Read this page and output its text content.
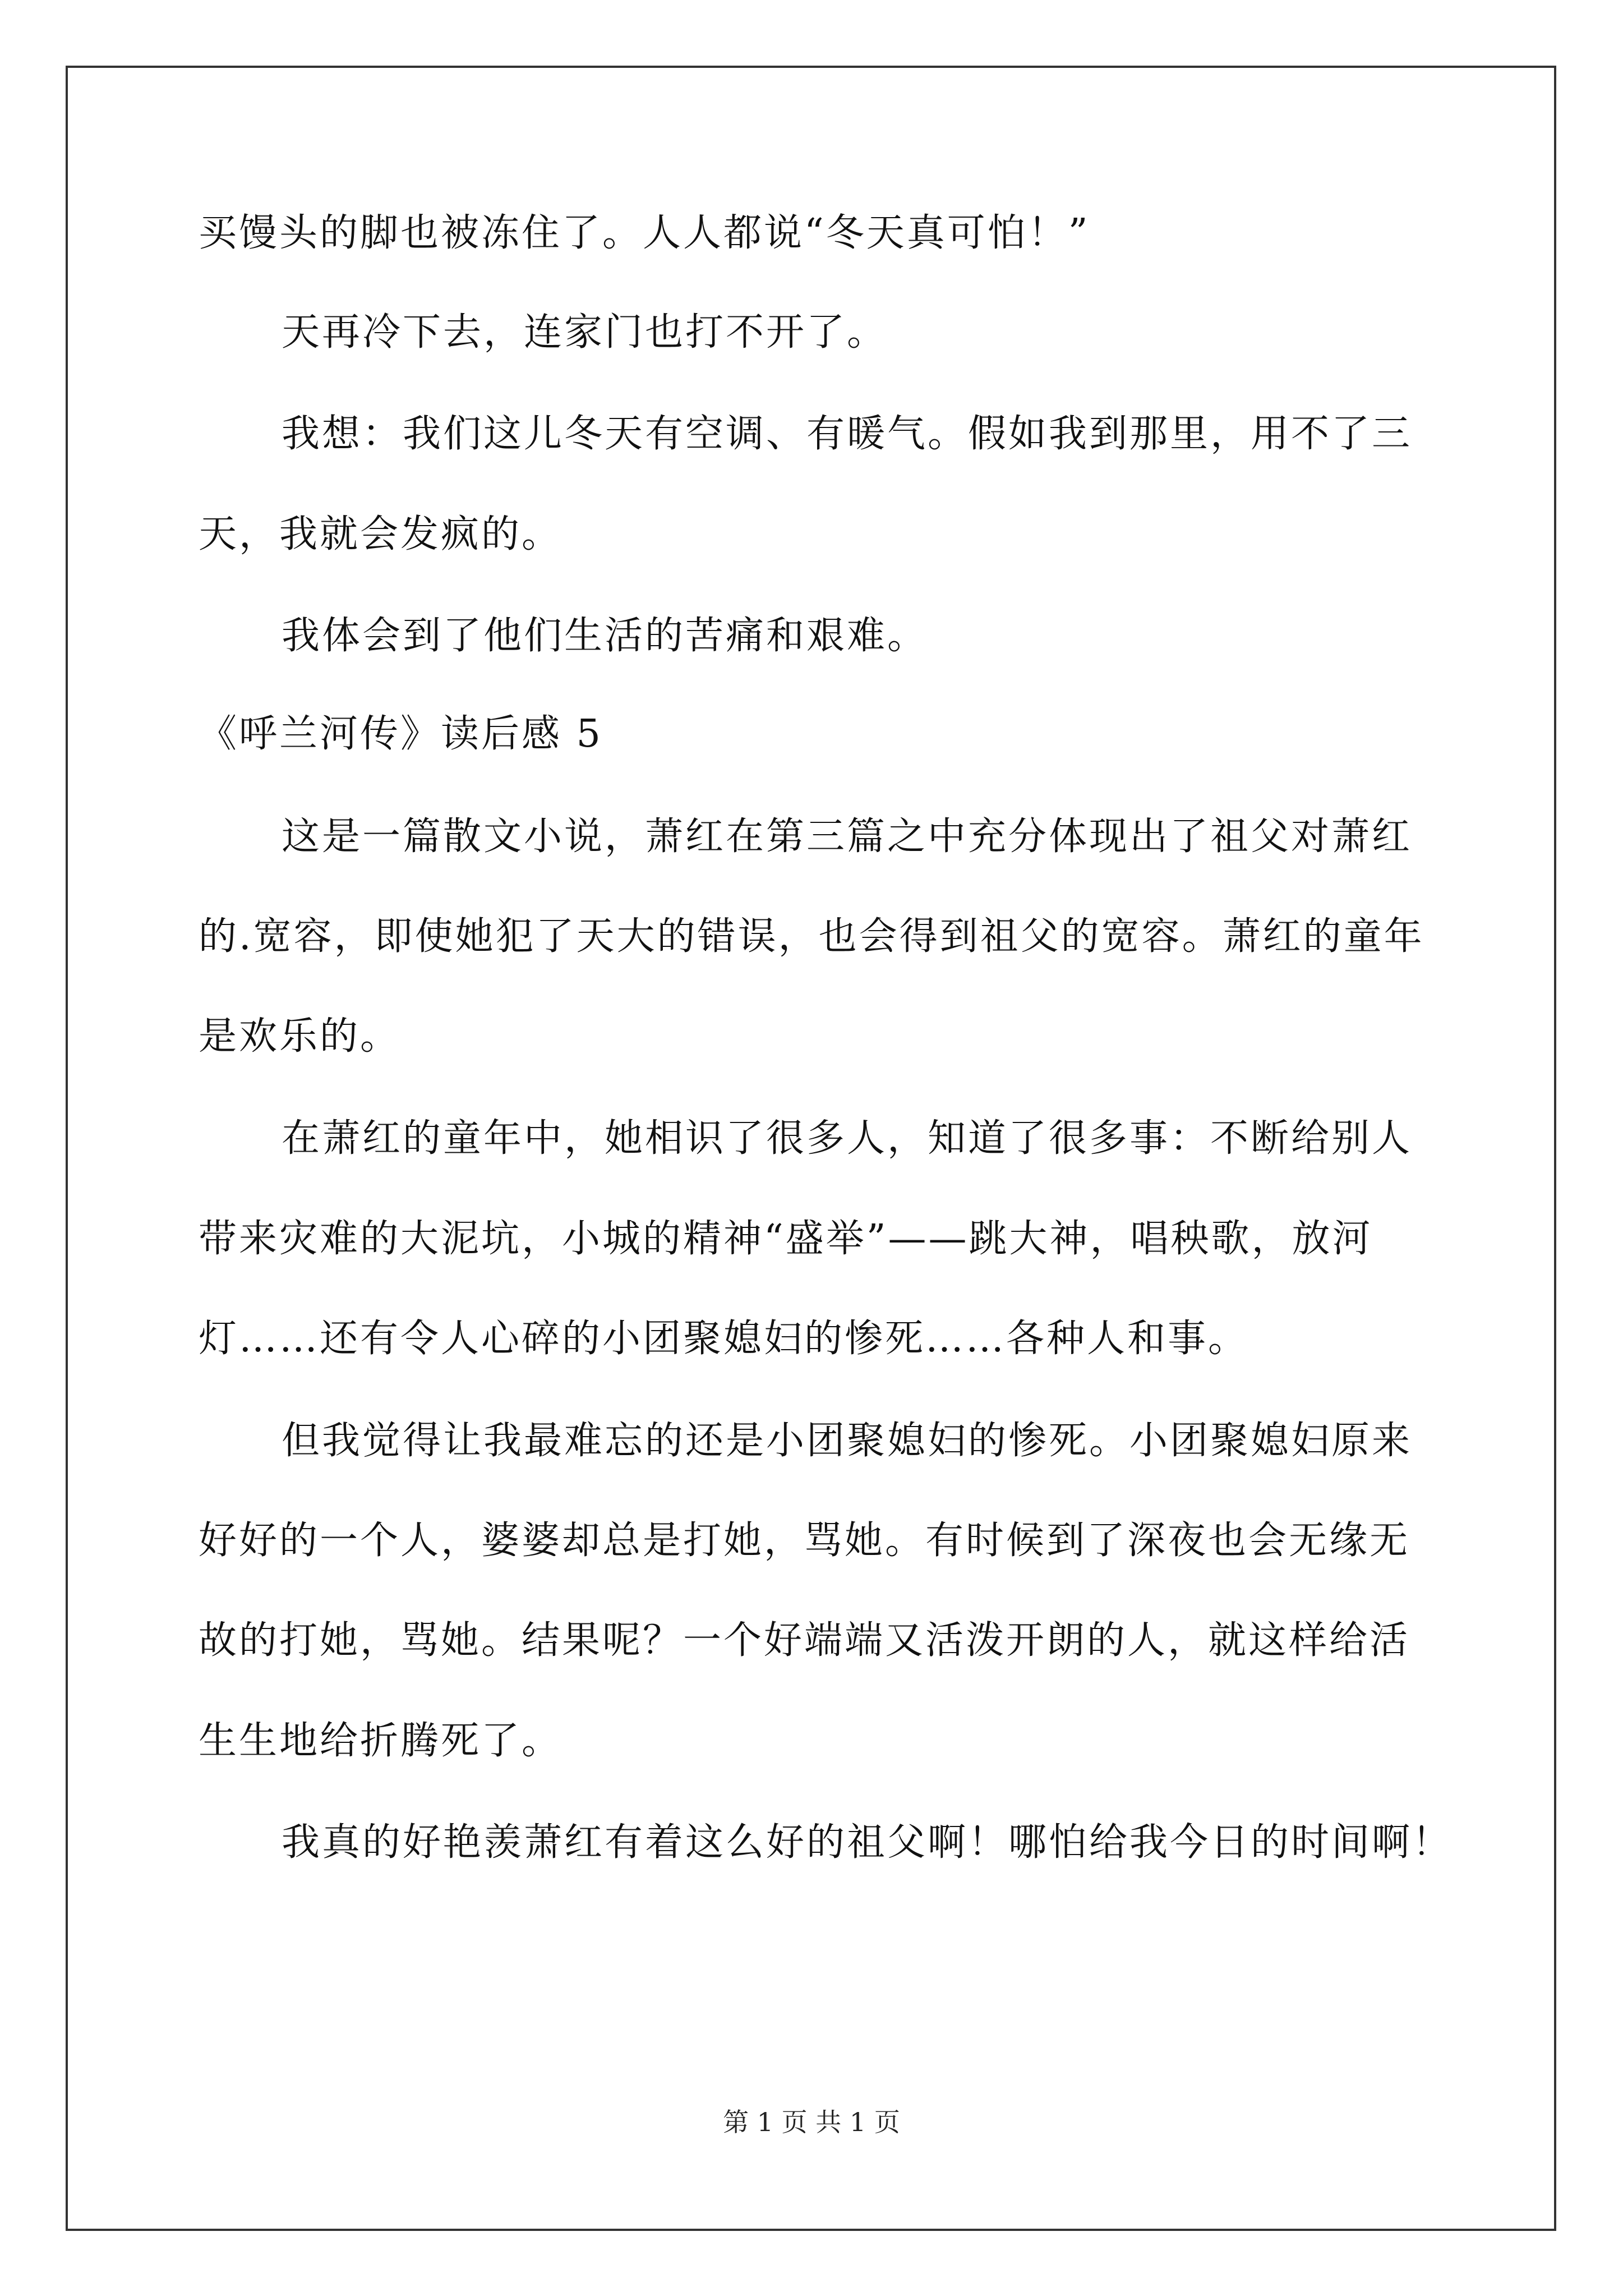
买馒头的脚也被冻住了。人人都说“冬天真可怕！”
天再冷下去，连家门也打不开了。
我想：我们这儿冬天有空调、有暖气。假如我到那里，用不了三
天，我就会发疯的。
我体会到了他们生活的苦痛和艰难。
《呼兰河传》读后感 5
这是一篇散文小说，萧红在第三篇之中充分体现出了祖父对萧红
的.宽容，即使她犯了天大的错误，也会得到祖父的宽容。萧红的童年
是欢乐的。
在萧红的童年中，她相识了很多人，知道了很多事：不断给别人
带来灾难的大泥坑，小城的精神“盛举”——跳大神，唱秧歌，放河
灯……还有令人心碎的小团聚媳妇的惨死……各种人和事。
但我觉得让我最难忘的还是小团聚媳妇的惨死。小团聚媳妇原来
好好的一个人，婆婆却总是打她，骂她。有时候到了深夜也会无缘无
故的打她，骂她。结果呢？一个好端端又活泼开朗的人，就这样给活
生生地给折腾死了。
我真的好艳羡萧红有着这么好的祖父啊！哪怕给我今日的时间啊！
第 1 页 共 1 页
